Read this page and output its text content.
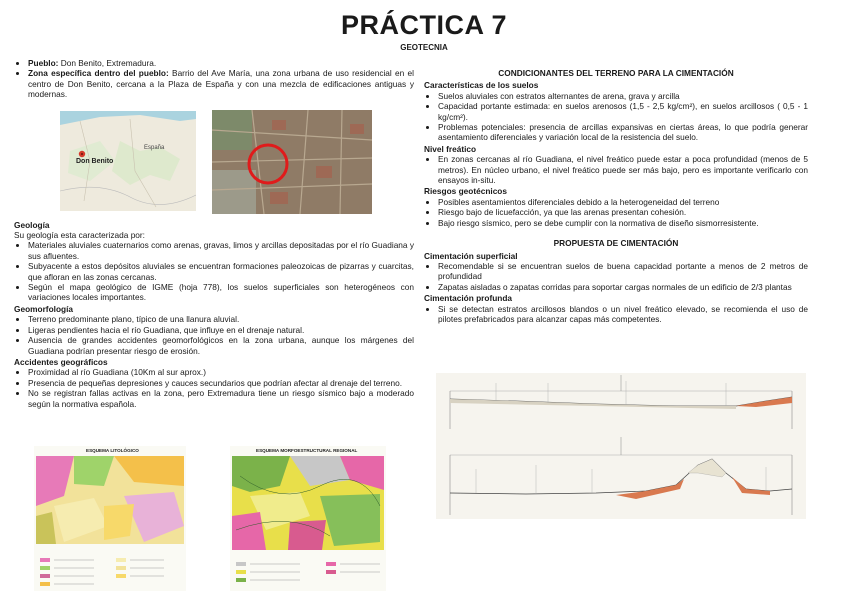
PRÁCTICA 7
GEOTECNIA
• Pueblo: Don Benito, Extremadura.
• Zona específica dentro del pueblo: Barrio del Ave María, una zona urbana de uso residencial en el centro de Don Benito, cercana a la Plaza de España y con una mezcla de edificaciones antiguas y modernas.
Don Benito
España
Geología

Su geología esta caracterizada por:

• Materiales aluviales cuaternarios como arenas, gravas, limos y arcillas depositadas por el río Guadiana y sus afluentes.
• Subyacente a estos depósitos aluviales se encuentran formaciones paleozoicas de pizarras y cuarcitas, que afloran en las zonas cercanas.
• Según el mapa geológico de IGME (hoja 778), los suelos superficiales son heterogéneos con variaciones locales importantes.
Geomorfología
• Terreno predominante plano, típico de una llanura aluvial.
• Ligeras pendientes hacia el río Guadiana, que influye en el drenaje natural.
• Ausencia de grandes accidentes geomorfológicos en la zona urbana, aunque los márgenes del Guadiana podrían presentar riesgo de erosión.
Accidentes geográficos
• Proximidad al río Guadiana (10Km al sur aprox.)
• Presencia de pequeñas depresiones y cauces secundarios que podrían afectar al drenaje del terreno.
• No se registran fallas activas en la zona, pero Extremadura tiene un riesgo sísmico bajo a moderado según la normativa española.
ESQUEMA LITOLÓGICO	ESQUEMA MORFOESTRUCTURAL REGIONAL
CONDICIONANTES DEL TERRENO PARA LA CIMENTACIÓN
Características de los suelos
• Suelos aluviales con estratos alternantes de arena, grava y arcilla
• Capacidad portante estimada: en suelos arenosos (1,5 - 2,5 kg/cm²), en suelos arcillosos ( 0,5 - 1 kg/cm²).
• Problemas potenciales: presencia de arcillas expansivas en ciertas áreas, lo que podría generar asentamiento diferenciales y variación local de la resistencia del suelo.
Nivel freático
• En zonas cercanas al río Guadiana, el nivel freático puede estar a poca profundidad (menos de 5 metros). En núcleo urbano, el nivel freático puede ser más bajo, pero es importante verificarlo con ensayos in-situ.
Riesgos geotécnicos
• Posibles asentamientos diferenciales debido a la heterogeneidad del terreno
• Riesgo bajo de licuefacción, ya que las arenas presentan cohesión.
• Bajo riesgo sísmico, pero se debe cumplir con la normativa de diseño sismorresistente.
PROPUESTA DE CIMENTACIÓN
Cimentación superficial
• Recomendable si se encuentran suelos de buena capacidad portante a menos de 2 metros de profundidad
• Zapatas aisladas o zapatas corridas para soportar cargas normales de un edificio de 2/3 plantas
Cimentación profunda
• Si se detectan estratos arcillosos blandos o un nivel freático elevado, se recomienda el uso de pilotes prefabricados para alcanzar capas más competentes.
